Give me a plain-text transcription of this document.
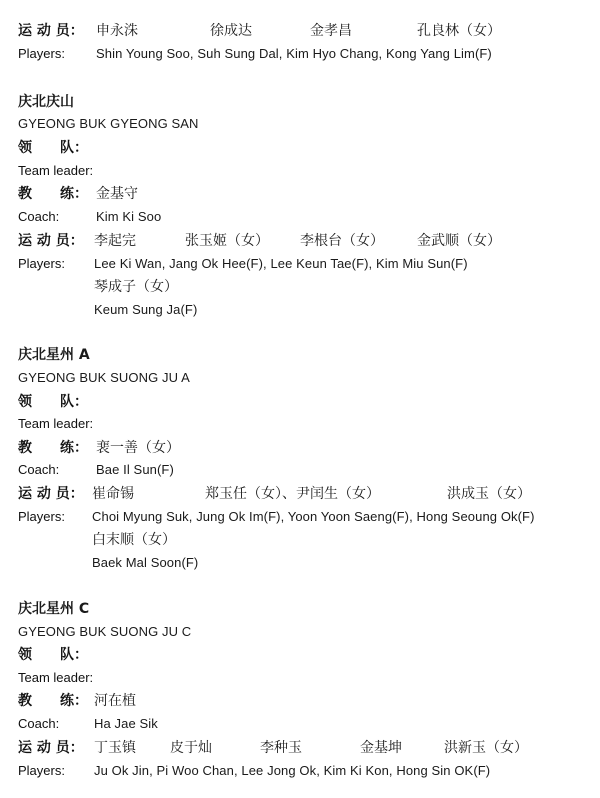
运 动 员： 申永洙	徐成达	金孝昌	孔良林（女）
Players: Shin Young Soo, Suh Sung Dal, Kim Hyo Chang, Kong Yang Lim(F)
庆北庆山
GYEONG BUK GYEONG SAN
领　　队：
Team leader:
教　　练： 金基守
Coach:	Kim Ki Soo
运 动 员： 李起完	张玉姬（女） 李根台（女） 金武顺（女）
Players: Lee Ki Wan, Jang Ok Hee(F), Lee Keun Tae(F), Kim Miu Sun(F)
琴成子（女）
Keum Sung Ja(F)
庆北星州 A
GYEONG BUK SUONG JU A
领　　队：
Team leader:
教　　练： 裵一善（女）
Coach:	Bae Il Sun(F)
运 动 员： 崔命锡	郑玉任（女）、尹闰生（女）	洪成玉（女）
Players: Choi Myung Suk, Jung Ok Im(F), Yoon Yoon Saeng(F), Hong Seoung Ok(F)
白末顺（女）
Baek Mal Soon(F)
庆北星州 C
GYEONG BUK SUONG JU C
领　　队：
Team leader:
教　　练： 河在植
Coach:	Ha Jae Sik
运 动 员： 丁玉镇 皮于灿	李种玉	金基坤	洪新玉（女）
Players: Ju Ok Jin, Pi Woo Chan, Lee Jong Ok, Kim Ki Kon, Hong Sin OK(F)
